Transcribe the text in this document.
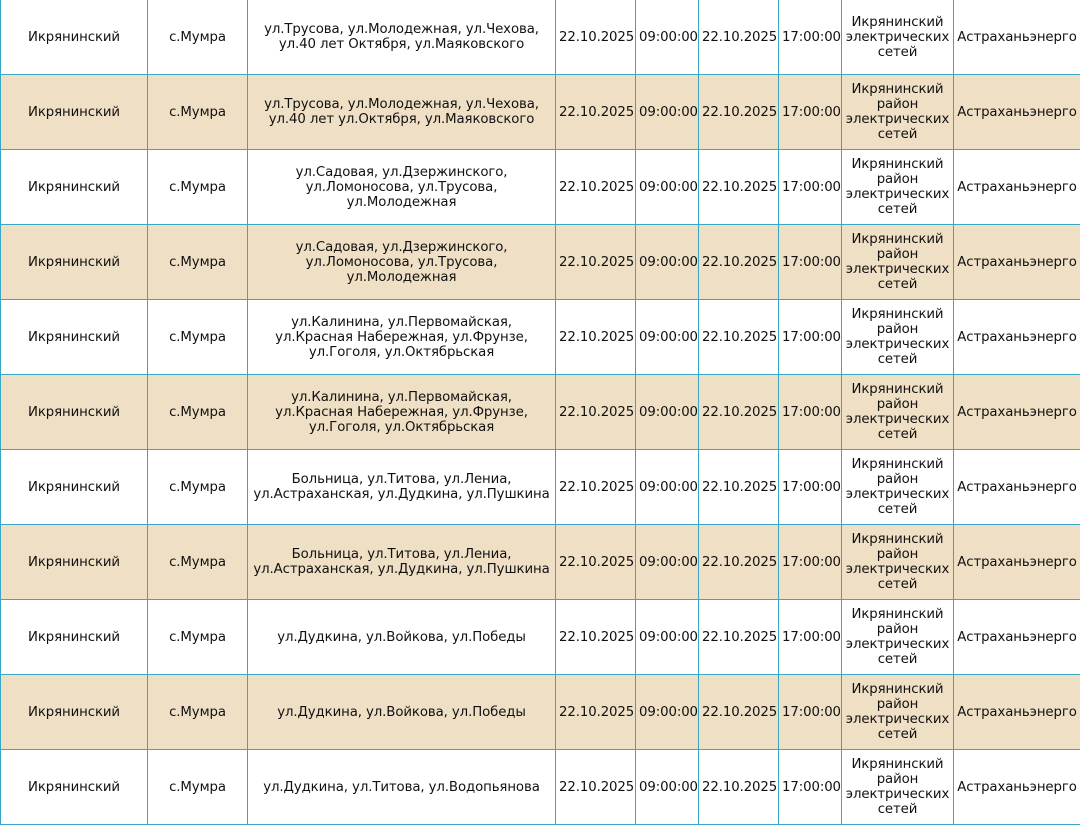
Икрянинский	с.Мумра	ул.Трусова, ул.Молодежная, ул.Чехова, ул.40 лет Октября, ул.Маяковского	22.10.2025	09:00:00	22.10.2025	17:00:00	Икрянинский электрических сетей	Астраханьэнерго
Икрянинский	с.Мумра	ул.Трусова, ул.Молодежная, ул.Чехова, ул.40 лет ул.Октября, ул.Маяковского	22.10.2025	09:00:00	22.10.2025	17:00:00	Икрянинский район электрических сетей	Астраханьэнерго
Икрянинский	с.Мумра	ул.Садовая, ул.Дзержинского, ул.Ломоносова, ул.Трусова, ул.Молодежная	22.10.2025	09:00:00	22.10.2025	17:00:00	Икрянинский район электрических сетей	Астраханьэнерго
Икрянинский	с.Мумра	ул.Садовая, ул.Дзержинского, ул.Ломоносова, ул.Трусова, ул.Молодежная	22.10.2025	09:00:00	22.10.2025	17:00:00	Икрянинский район электрических сетей	Астраханьэнерго
Икрянинский	с.Мумра	ул.Калинина, ул.Первомайская, ул.Красная Набережная, ул.Фрунзе, ул.Гоголя, ул.Октябрьская	22.10.2025	09:00:00	22.10.2025	17:00:00	Икрянинский район электрических сетей	Астраханьэнерго
Икрянинский	с.Мумра	ул.Калинина, ул.Первомайская, ул.Красная Набережная, ул.Фрунзе, ул.Гоголя, ул.Октябрьская	22.10.2025	09:00:00	22.10.2025	17:00:00	Икрянинский район электрических сетей	Астраханьэнерго
Икрянинский	с.Мумра	Больница, ул.Титова, ул.Лениа, ул.Астраханская, ул.Дудкина, ул.Пушкина	22.10.2025	09:00:00	22.10.2025	17:00:00	Икрянинский район электрических сетей	Астраханьэнерго
Икрянинский	с.Мумра	Больница, ул.Титова, ул.Лениа, ул.Астраханская, ул.Дудкина, ул.Пушкина	22.10.2025	09:00:00	22.10.2025	17:00:00	Икрянинский район электрических сетей	Астраханьэнерго
Икрянинский	с.Мумра	ул.Дудкина, ул.Войкова, ул.Победы	22.10.2025	09:00:00	22.10.2025	17:00:00	Икрянинский район электрических сетей	Астраханьэнерго
Икрянинский	с.Мумра	ул.Дудкина, ул.Войкова, ул.Победы	22.10.2025	09:00:00	22.10.2025	17:00:00	Икрянинский район электрических сетей	Астраханьэнерго
Икрянинский	с.Мумра	ул.Дудкина, ул.Титова, ул.Водопьянова	22.10.2025	09:00:00	22.10.2025	17:00:00	Икрянинский район электрических сетей	Астраханьэнерго
